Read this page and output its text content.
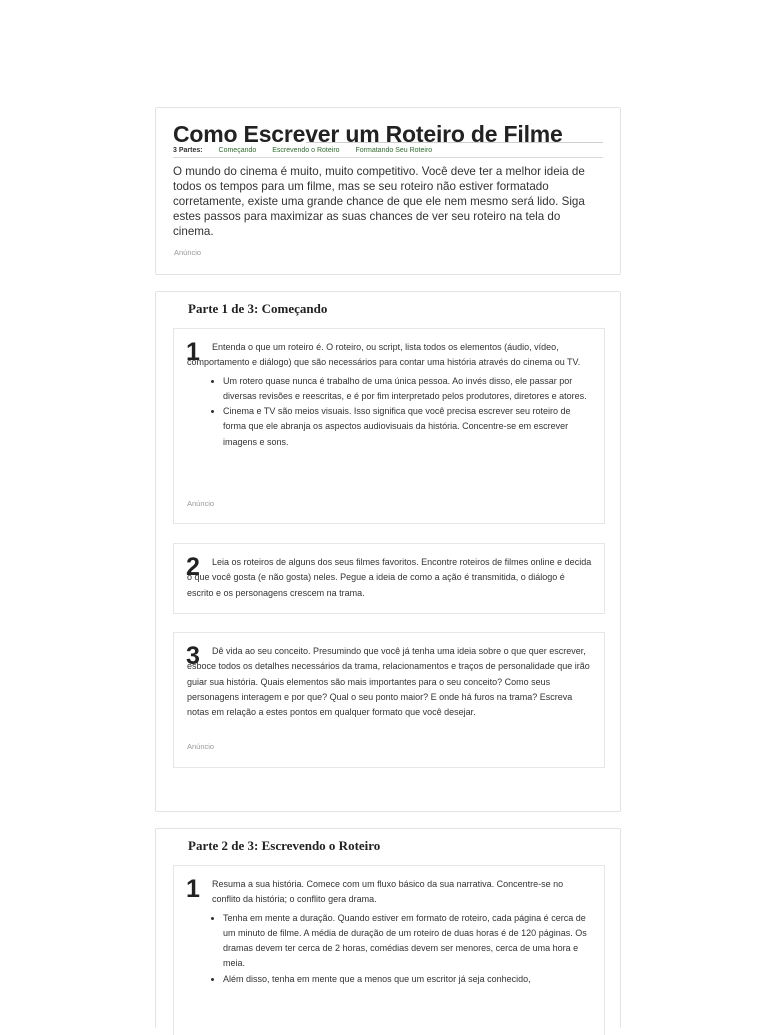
Como Escrever um Roteiro de Filme
3 Partes: Começando Escrevendo o Roteiro Formatando Seu Roteiro

O mundo do cinema é muito, muito competitivo. Você deve ter a melhor ideia de todos os tempos para um filme, mas se seu roteiro não estiver formatado corretamente, existe uma grande chance de que ele nem mesmo será lido. Siga estes passos para maximizar as suas chances de ver seu roteiro na tela do cinema.

Anúncio
Parte 1 de 3: Começando
1	Entenda o que um roteiro é. O roteiro, ou script, lista todos os elementos (áudio, vídeo, comportamento e diálogo) que são necessários para contar uma história através do cinema ou TV.

• Um rotero quase nunca é trabalho de uma única pessoa. Ao invés disso, ele passar por diversas revisões e reescritas, e é por fim interpretado pelos produtores, diretores e atores.
• Cinema e TV são meios visuais. Isso significa que você precisa escrever seu roteiro de forma que ele abranja os aspectos audiovisuais da história. Concentre-se em escrever imagens e sons.
Anúncio
2	Leia os roteiros de alguns dos seus filmes favoritos. Encontre roteiros de filmes online e decida o que você gosta (e não gosta) neles. Pegue a ideia de como a ação é transmitida, o diálogo é escrito e os personagens crescem na trama.

3	Dê vida ao seu conceito. Presumindo que você já tenha uma ideia sobre o que quer escrever, esboce todos os detalhes necessários da trama, relacionamentos e traços de personalidade que irão guiar sua história. Quais elementos são mais importantes para o seu conceito? Como seus personagens interagem e por que? Qual o seu ponto maior? E onde há furos na trama? Escreva notas em relação a estes pontos em qualquer formato que você desejar.

Anúncio
Parte 2 de 3: Escrevendo o Roteiro
1	Resuma a sua história. Comece com um fluxo básico da sua narrativa. Concentre-se no conflito da história; o conflito gera drama.

• Tenha em mente a duração. Quando estiver em formato de roteiro, cada página é cerca de um minuto de filme. A média de duração de um roteiro de duas horas é de 120 páginas. Os dramas devem ter cerca de 2 horas, comédias devem ser menores, cerca de uma hora e meia.
• Além disso, tenha em mente que a menos que um escritor já seja conhecido,
